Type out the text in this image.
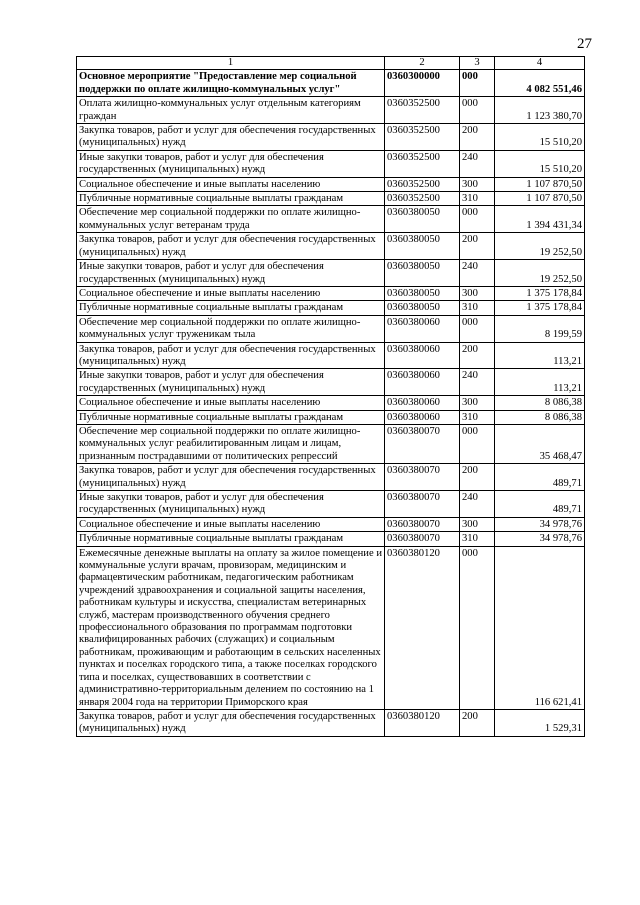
27
1	2	3	4
Основное мероприятие "Предоставление мер социальной поддержки по оплате жилищно-коммунальных услуг"	0360300000	000	4 082 551,46
Оплата жилищно-коммунальных услуг отдельным категориям граждан	0360352500	000	1 123 380,70
Закупка товаров, работ и услуг для обеспечения государственных (муниципальных) нужд	0360352500	200	15 510,20
Иные закупки товаров, работ и услуг для обеспечения государственных (муниципальных) нужд	0360352500	240	15 510,20
Социальное обеспечение и иные выплаты населению	0360352500	300	1 107 870,50
Публичные нормативные социальные выплаты гражданам	0360352500	310	1 107 870,50
Обеспечение мер социальной поддержки по оплате жилищно-коммунальных услуг ветеранам труда	0360380050	000	1 394 431,34
Закупка товаров, работ и услуг для обеспечения государственных (муниципальных) нужд	0360380050	200	19 252,50
Иные закупки товаров, работ и услуг для обеспечения государственных (муниципальных) нужд	0360380050	240	19 252,50
Социальное обеспечение и иные выплаты населению	0360380050	300	1 375 178,84
Публичные нормативные социальные выплаты гражданам	0360380050	310	1 375 178,84
Обеспечение мер социальной поддержки по оплате жилищно-коммунальных услуг труженикам тыла	0360380060	000	8 199,59
Закупка товаров, работ и услуг для обеспечения государственных (муниципальных) нужд	0360380060	200	113,21
Иные закупки товаров, работ и услуг для обеспечения государственных (муниципальных) нужд	0360380060	240	113,21
Социальное обеспечение и иные выплаты населению	0360380060	300	8 086,38
Публичные нормативные социальные выплаты гражданам	0360380060	310	8 086,38
Обеспечение мер социальной поддержки по оплате жилищно-коммунальных услуг реабилитированным лицам и лицам, признанным пострадавшими от политических репрессий	0360380070	000	35 468,47
Закупка товаров, работ и услуг для обеспечения государственных (муниципальных) нужд	0360380070	200	489,71
Иные закупки товаров, работ и услуг для обеспечения государственных (муниципальных) нужд	0360380070	240	489,71
Социальное обеспечение и иные выплаты населению	0360380070	300	34 978,76
Публичные нормативные социальные выплаты гражданам	0360380070	310	34 978,76
Ежемесячные денежные выплаты на оплату за жилое помещение и коммунальные услуги врачам, провизорам, медицинским и фармацевтическим работникам, педагогическим работникам учреждений здравоохранения и социальной защиты населения, работникам культуры и искусства, специалистам ветеринарных служб, мастерам производственного обучения среднего профессионального образования по программам подготовки квалифицированных рабочих (служащих) и социальным работникам, проживающим и работающим в сельских населенных пунктах и поселках городского типа, а также поселках городского типа и поселках, существовавших в соответствии с административно-территориальным делением по состоянию на 1 января 2004 года на территории Приморского края	0360380120	000	116 621,41
Закупка товаров, работ и услуг для обеспечения государственных (муниципальных) нужд	0360380120	200	1 529,31
